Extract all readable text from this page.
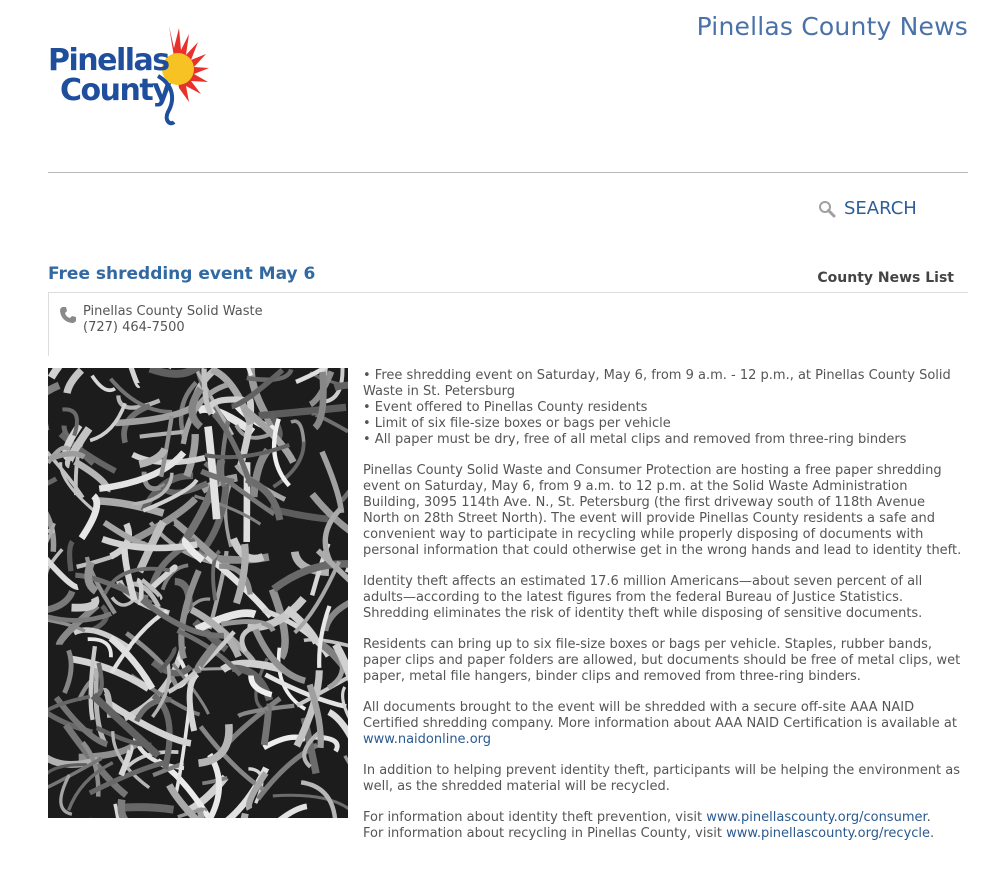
Pinellas
County
Pinellas County News
SEARCH
Free shredding event May 6	County News List
Pinellas County Solid Waste
(727) 464-7500
• Free shredding event on Saturday, May 6, from 9 a.m. - 12 p.m., at Pinellas County Solid Waste in St. Petersburg
• Event offered to Pinellas County residents
• Limit of six file-size boxes or bags per vehicle
• All paper must be dry, free of all metal clips and removed from three-ring binders

Pinellas County Solid Waste and Consumer Protection are hosting a free paper shredding event on Saturday, May 6, from 9 a.m. to 12 p.m. at the Solid Waste Administration Building, 3095 114th Ave. N., St. Petersburg (the first driveway south of 118th Avenue North on 28th Street North). The event will provide Pinellas County residents a safe and convenient way to participate in recycling while properly disposing of documents with personal information that could otherwise get in the wrong hands and lead to identity theft.

Identity theft affects an estimated 17.6 million Americans—about seven percent of all adults—according to the latest figures from the federal Bureau of Justice Statistics. Shredding eliminates the risk of identity theft while disposing of sensitive documents.

Residents can bring up to six file-size boxes or bags per vehicle. Staples, rubber bands, paper clips and paper folders are allowed, but documents should be free of metal clips, wet paper, metal file hangers, binder clips and removed from three-ring binders.

All documents brought to the event will be shredded with a secure off-site AAA NAID Certified shredding company. More information about AAA NAID Certification is available at www.naidonline.org

In addition to helping prevent identity theft, participants will be helping the environment as well, as the shredded material will be recycled.

For information about identity theft prevention, visit www.pinellascounty.org/consumer.
For information about recycling in Pinellas County, visit www.pinellascounty.org/recycle.
